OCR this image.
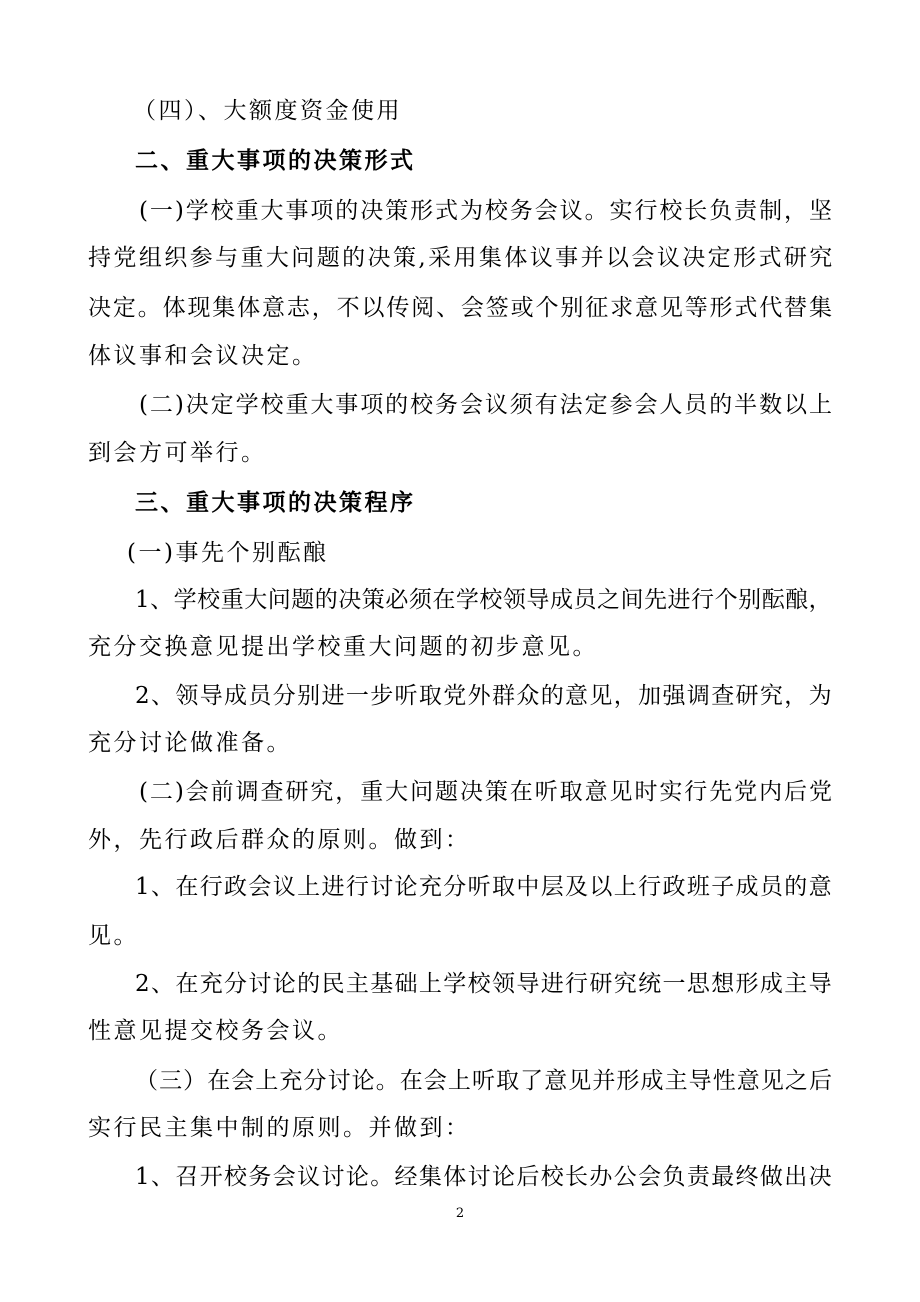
（四）、大额度资金使用
二、重大事项的决策形式
(一)学校重大事项的决策形式为校务会议。实行校长负责制，坚
持党组织参与重大问题的决策,采用集体议事并以会议决定形式研究
决定。体现集体意志，不以传阅、会签或个别征求意见等形式代替集
体议事和会议决定。
(二)决定学校重大事项的校务会议须有法定参会人员的半数以上
到会方可举行。
三、重大事项的决策程序
(一)事先个别酝酿
1、学校重大问题的决策必须在学校领导成员之间先进行个别酝酿，
充分交换意见提出学校重大问题的初步意见。
2、领导成员分别进一步听取党外群众的意见，加强调查研究，为
充分讨论做准备。
(二)会前调查研究，重大问题决策在听取意见时实行先党内后党
外，先行政后群众的原则。做到：
1、在行政会议上进行讨论充分听取中层及以上行政班子成员的意
见。
2、在充分讨论的民主基础上学校领导进行研究统一思想形成主导
性意见提交校务会议。
（三）在会上充分讨论。在会上听取了意见并形成主导性意见之后
实行民主集中制的原则。并做到：
1、召开校务会议讨论。经集体讨论后校长办公会负责最终做出决
2
